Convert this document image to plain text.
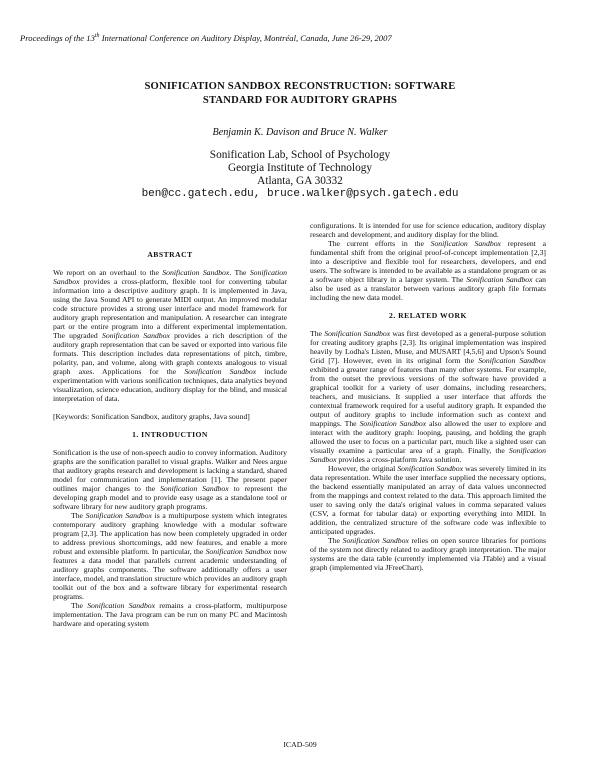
Proceedings of the 13th International Conference on Auditory Display, Montréal, Canada, June 26-29, 2007
SONIFICATION SANDBOX RECONSTRUCTION: SOFTWARE
STANDARD FOR AUDITORY GRAPHS
Benjamin K. Davison and Bruce N. Walker
Sonification Lab, School of Psychology
Georgia Institute of Technology
Atlanta, GA 30332
ben@cc.gatech.edu, bruce.walker@psych.gatech.edu

ABSTRACT

We report on an overhaul to the Sonification Sandbox. The Sonification Sandbox provides a cross-platform, flexible tool for converting tabular information into a descriptive auditory graph. It is implemented in Java, using the Java Sound API to generate MIDI output. An improved modular code structure provides a strong user interface and model framework for auditory graph representation and manipulation. A researcher can integrate part or the entire program into a different experimental implementation. The upgraded Sonification Sandbox provides a rich description of the auditory graph representation that can be saved or exported into various file formats. This description includes data representations of pitch, timbre, polarity, pan, and volume, along with graph contexts analogous to visual graph axes. Applications for the Sonification Sandbox include experimentation with various sonification techniques, data analytics beyond visualization, science education, auditory display for the blind, and musical interpretation of data.

[Keywords: Sonification Sandbox, auditory graphs, Java sound]

1. INTRODUCTION

Sonification is the use of non-speech audio to convey information. Auditory graphs are the sonification parallel to visual graphs. Walker and Nees argue that auditory graphs research and development is lacking a standard, shared model for communication and implementation [1]. The present paper outlines major changes to the Sonification Sandbox to represent the developing graph model and to provide easy usage as a standalone tool or software library for new auditory graph programs.

The Sonification Sandbox is a multipurpose system which integrates contemporary auditory graphing knowledge with a modular software program [2,3]. The application has now been completely upgraded in order to address previous shortcomings, add new features, and enable a more robust and extensible platform. In particular, the Sonification Sandbox now features a data model that parallels current academic understanding of auditory graphs components. The software additionally offers a user interface, model, and translation structure which provides an auditory graph toolkit out of the box and a software library for experimental research programs.

The Sonification Sandbox remains a cross-platform, multipurpose implementation. The Java program can be run on many PC and Macintosh hardware and operating system

configurations. It is intended for use for science education, auditory display research and development, and auditory display for the blind.

The current efforts in the Sonification Sandbox represent a fundamental shift from the original proof-of-concept implementation [2,3] into a descriptive and flexible tool for researchers, developers, and end users. The software is intended to be available as a standalone program or as a software object library in a larger system. The Sonification Sandbox can also be used as a translator between various auditory graph file formats including the new data model.

2. RELATED WORK

The Sonification Sandbox was first developed as a general-purpose solution for creating auditory graphs [2,3]. Its original implementation was inspired heavily by Lodha's Listen, Muse, and MUSART [4,5,6] and Upson's Sound Grid [7]. However, even in its original form the Sonification Sandbox exhibited a greater range of features than many other systems. For example, from the outset the previous versions of the software have provided a graphical toolkit for a variety of user domains, including researchers, teachers, and musicians. It supplied a user interface that affords the contextual framework required for a useful auditory graph. It expanded the output of auditory graphs to include information such as context and mappings. The Sonification Sandbox also allowed the user to explore and interact with the auditory graph: looping, pausing, and holding the graph allowed the user to focus on a particular part, much like a sighted user can visually examine a particular area of a graph. Finally, the Sonification Sandbox provides a cross-platform Java solution.

However, the original Sonification Sandbox was severely limited in its data representation. While the user interface supplied the necessary options, the backend essentially manipulated an array of data values unconnected from the mappings and context related to the data. This approach limited the user to saving only the data's original values in comma separated values (CSV, a format for tabular data) or exporting everything into MIDI. In addition, the centralized structure of the software code was inflexible to anticipated upgrades.

The Sonification Sandbox relies on open source libraries for portions of the system not directly related to auditory graph interpretation. The major systems are the data table (currently implemented via JTable) and a visual graph (implemented via JFreeChart).

ICAD-509
